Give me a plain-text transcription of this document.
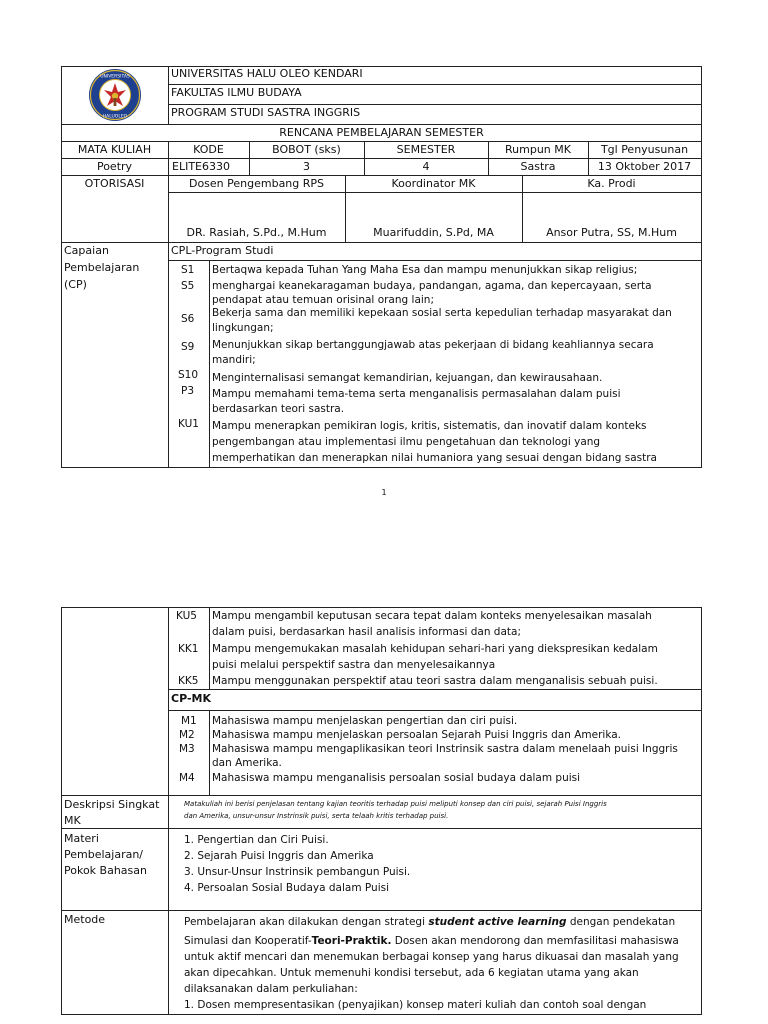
UNIVERSITAS
HALUOLEO
UNIVERSITAS HALU OLEO KENDARI
FAKULTAS ILMU BUDAYA
PROGRAM STUDI SASTRA INGGRIS
RENCANA PEMBELAJARAN SEMESTER
MATA KULIAH	KODE	BOBOT (sks)	SEMESTER	Rumpun MK	Tgl Penyusunan
Poetry	ELITE6330	3	4	Sastra	13 Oktober 2017
OTORISASI	Dosen Pengembang RPS	Koordinator MK	Ka. Prodi
DR. Rasiah, S.Pd., M.Hum	Muarifuddin, S.Pd, MA	Ansor Putra, SS, M.Hum
Capaian
Pembelajaran
(CP)
CPL-Program Studi
S1 Bertaqwa kepada Tuhan Yang Maha Esa dan mampu menunjukkan sikap religius;
S5 menghargai keanekaragaman budaya, pandangan, agama, dan kepercayaan, serta
pendapat atau temuan orisinal orang lain;
S6 Bekerja sama dan memiliki kepekaan sosial serta kepedulian terhadap masyarakat dan
lingkungan;
S9 Menunjukkan sikap bertanggungjawab atas pekerjaan di bidang keahliannya secara
mandiri;
S10 Menginternalisasi semangat kemandirian, kejuangan, dan kewirausahaan.
P3 Mampu memahami tema-tema serta menganalisis permasalahan dalam puisi
berdasarkan teori sastra.
KU1 Mampu menerapkan pemikiran logis, kritis, sistematis, dan inovatif dalam konteks
pengembangan atau implementasi ilmu pengetahuan dan teknologi yang
memperhatikan dan menerapkan nilai humaniora yang sesuai dengan bidang sastra
1
KU5 Mampu mengambil keputusan secara tepat dalam konteks menyelesaikan masalah
dalam puisi, berdasarkan hasil analisis informasi dan data;
KK1 Mampu mengemukakan masalah kehidupan sehari-hari yang diekspresikan kedalam
puisi melalui perspektif sastra dan menyelesaikannya
KK5 Mampu menggunakan perspektif atau teori sastra dalam menganalisis sebuah puisi.
CP-MK
M1 Mahasiswa mampu menjelaskan pengertian dan ciri puisi.
M2 Mahasiswa mampu menjelaskan persoalan Sejarah Puisi Inggris dan Amerika.
M3 Mahasiswa mampu mengaplikasikan teori Instrinsik sastra dalam menelaah puisi Inggris
dan Amerika.
M4 Mahasiswa mampu menganalisis persoalan sosial budaya dalam puisi
Deskripsi Singkat
MK
Matakuliah ini berisi penjelasan tentang kajian teoritis terhadap puisi meliputi konsep dan ciri puisi, sejarah Puisi Inggris
dan Amerika, unsur-unsur Instrinsik puisi, serta telaah kritis terhadap puisi.
Materi
Pembelajaran/
Pokok Bahasan
1. Pengertian dan Ciri Puisi.
2. Sejarah Puisi Inggris dan Amerika
3. Unsur-Unsur Instrinsik pembangun Puisi.
4. Persoalan Sosial Budaya dalam Puisi
Metode	Pembelajaran akan dilakukan dengan strategi student active learning dengan pendekatan
Simulasi dan Kooperatif-Teori-Praktik. Dosen akan mendorong dan memfasilitasi mahasiswa
untuk aktif mencari dan menemukan berbagai konsep yang harus dikuasai dan masalah yang
akan dipecahkan. Untuk memenuhi kondisi tersebut, ada 6 kegiatan utama yang akan
dilaksanakan dalam perkuliahan:
1. Dosen mempresentasikan (penyajikan) konsep materi kuliah dan contoh soal dengan
